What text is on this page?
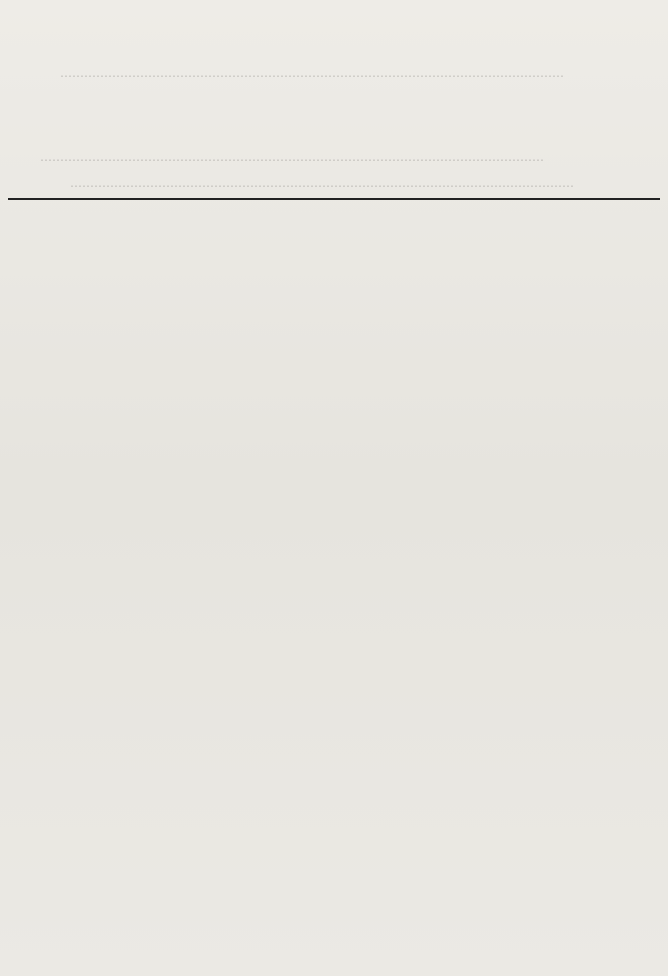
………………………………………………………………………………………………………………
………………………………………………………………………………………………………………
………………………………………………………………………………………………………………
